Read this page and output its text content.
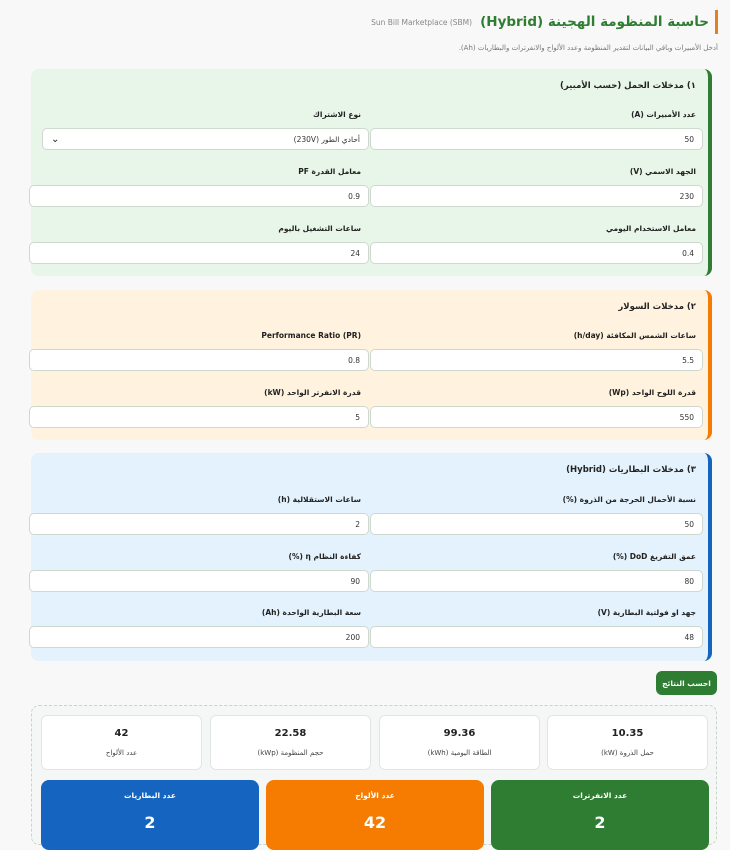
حاسبة المنظومة الهجينة (Hybrid)
Sun Bill Marketplace (SBM)
أدخل الأمبيرات وباقي البيانات لتقدير المنظومة وعدد الألواح والانفرترات والبطاريات (Ah).
١) مدخلات الحمل (حسب الأمبير)
عدد الأمبيرات (A)
50
نوع الاشتراك
⌄	أحادي الطور (230V)
الجهد الاسمي (V)
230
معامل القدرة PF
0.9
معامل الاستخدام اليومي
0.4
ساعات التشغيل باليوم
24
٢) مدخلات السولار
ساعات الشمس المكافئة (h/day)
5.5
Performance Ratio (PR)
0.8
قدرة اللوح الواحد (Wp)
550
قدرة الانفرتر الواحد (kW)
5
٣) مدخلات البطاريات (Hybrid)
نسبة الأحمال الحرجة من الذروة (%)
50
ساعات الاستقلالية (h)
2
عمق التفريغ DoD (%)
80
كفاءة النظام η (%)
90
جهد او فولتية البطارية (V)
48
سعة البطارية الواحدة (Ah)
200
احسب النتائج
10.35
حمل الذروة (kW)
99.36
الطاقة اليومية (kWh)
22.58
حجم المنظومة (kWp)
42
عدد الألواح
عدد الانفرترات
2
عدد الألواح
42
عدد البطاريات
2
